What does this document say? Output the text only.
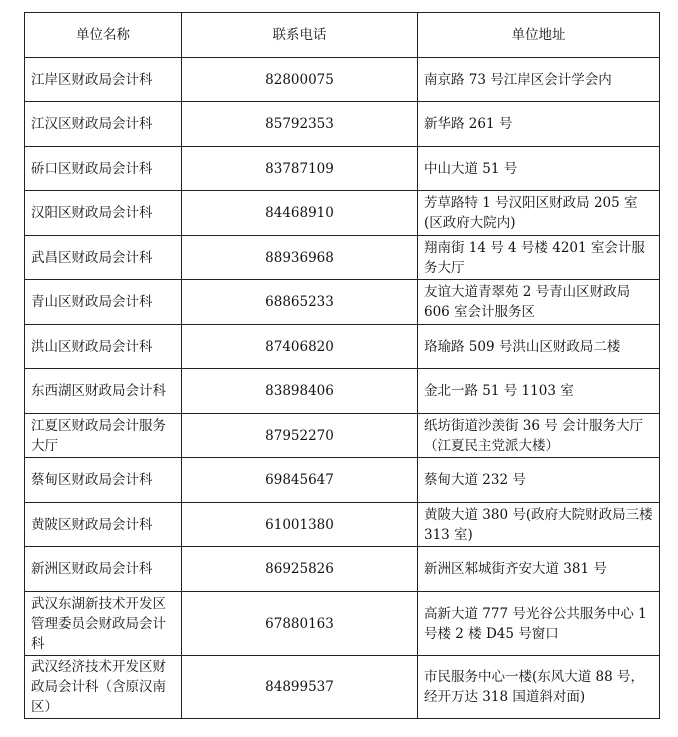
单位名称	联系电话	单位地址
江岸区财政局会计科	82800075	南京路 73 号江岸区会计学会内
江汉区财政局会计科	85792353	新华路 261 号
硚口区财政局会计科	83787109	中山大道 51 号
汉阳区财政局会计科	84468910	芳草路特 1 号汉阳区财政局 205 室(区政府大院内)
武昌区财政局会计科	88936968	翔南街 14 号 4 号楼 4201 室会计服务大厅
青山区财政局会计科	68865233	友谊大道青翠苑 2 号青山区财政局 606 室会计服务区
洪山区财政局会计科	87406820	珞瑜路 509 号洪山区财政局二楼
东西湖区财政局会计科	83898406	金北一路 51 号 1103 室
江夏区财政局会计服务大厅	87952270	纸坊街道沙羡街 36 号 会计服务大厅（江夏民主党派大楼）
蔡甸区财政局会计科	69845647	蔡甸大道 232 号
黄陂区财政局会计科	61001380	黄陂大道 380 号(政府大院财政局三楼 313 室)
新洲区财政局会计科	86925826	新洲区邾城街齐安大道 381 号
武汉东湖新技术开发区管理委员会财政局会计科	67880163	高新大道 777 号光谷公共服务中心 1 号楼 2 楼 D45 号窗口
武汉经济技术开发区财政局会计科（含原汉南区）	84899537	市民服务中心一楼(东风大道 88 号，经开万达 318 国道斜对面)
